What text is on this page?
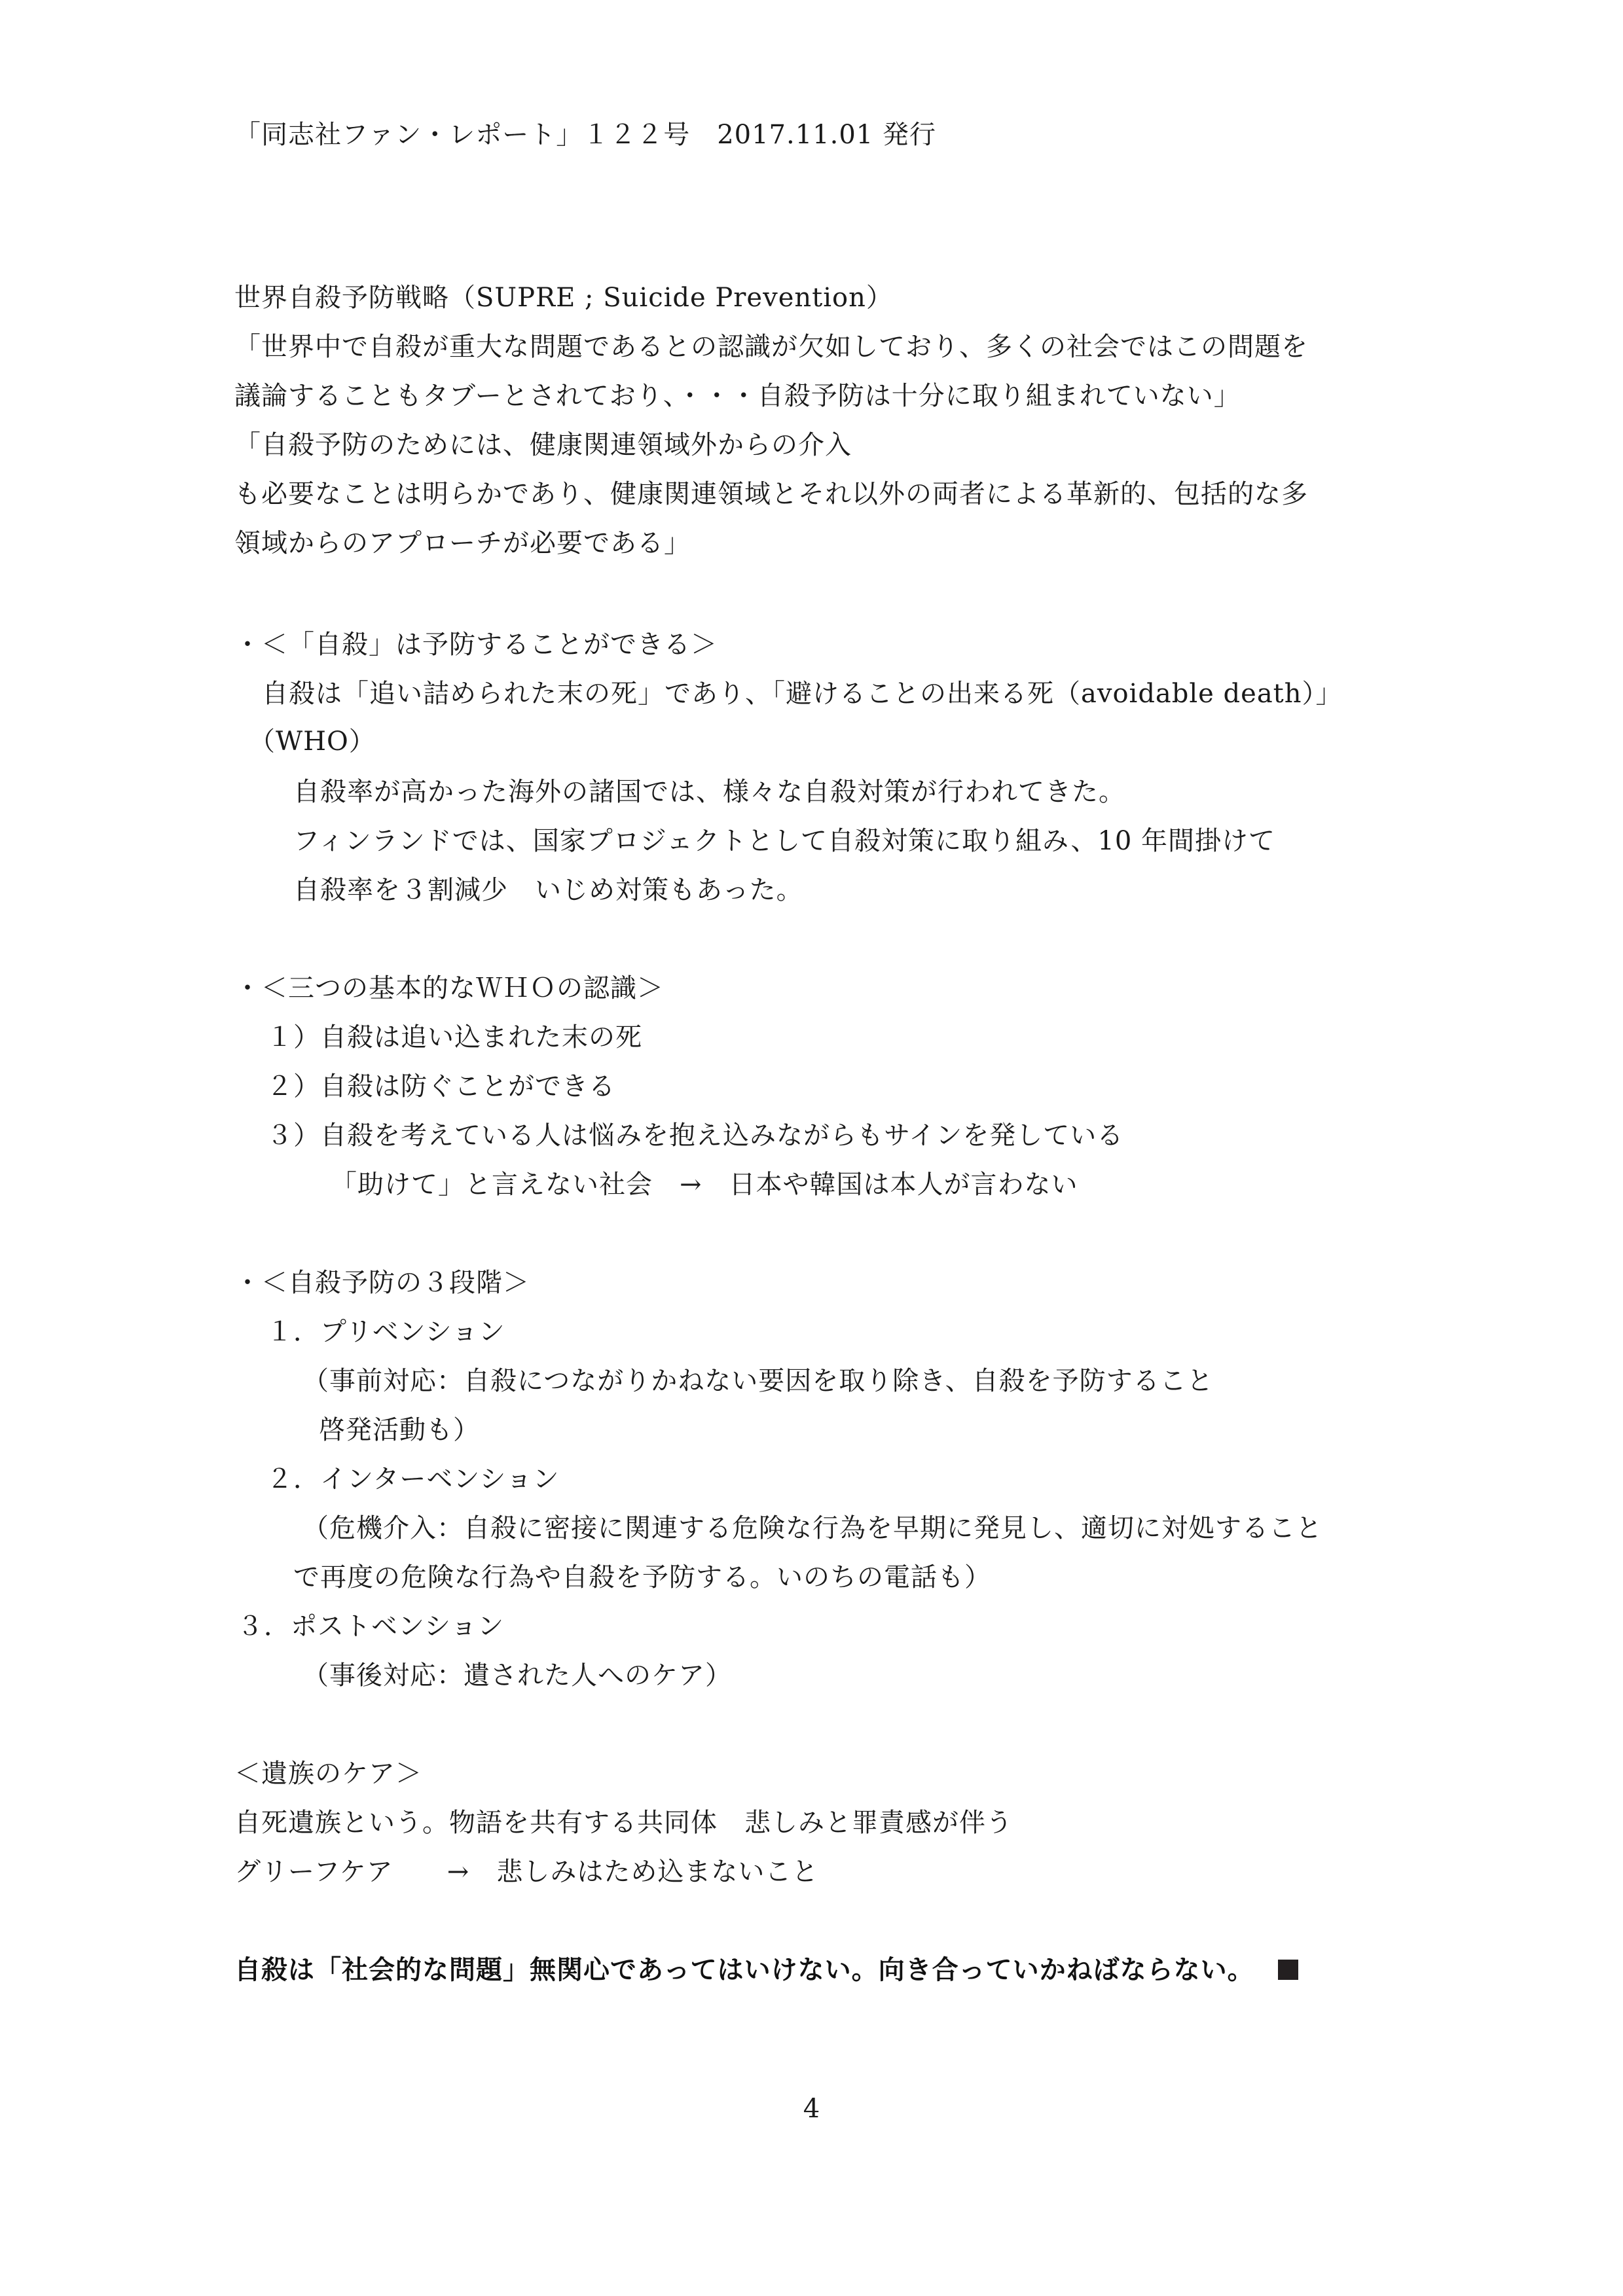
「同志社ファン・レポート」１２２号　2017.11.01 発行
世界自殺予防戦略（SUPRE ; Suicide Prevention）
「世界中で自殺が重大な問題であるとの認識が欠如しており、多くの社会ではこの問題を
議論することもタブーとされており、・・・自殺予防は十分に取り組まれていない」
「自殺予防のためには、健康関連領域外からの介入
も必要なことは明らかであり、健康関連領域とそれ以外の両者による革新的、包括的な多
領域からのアプローチが必要である」
・＜「自殺」は予防することができる＞
自殺は「追い詰められた末の死」であり、「避けることの出来る死（avoidable death）」
（WHO）
自殺率が高かった海外の諸国では、様々な自殺対策が行われてきた。
フィンランドでは、国家プロジェクトとして自殺対策に取り組み、10 年間掛けて
自殺率を３割減少　いじめ対策もあった。
・＜三つの基本的なＷＨＯの認識＞
１）自殺は追い込まれた末の死
２）自殺は防ぐことができる
３）自殺を考えている人は悩みを抱え込みながらもサインを発している
「助けて」と言えない社会　→　日本や韓国は本人が言わない
・＜自殺予防の３段階＞
１．プリベンション
（事前対応：自殺につながりかねない要因を取り除き、自殺を予防すること
啓発活動も）
２．インターベンション
（危機介入：自殺に密接に関連する危険な行為を早期に発見し、適切に対処すること
で再度の危険な行為や自殺を予防する。いのちの電話も）
３．ポストベンション
（事後対応：遺された人へのケア）
＜遺族のケア＞
自死遺族という。物語を共有する共同体　悲しみと罪責感が伴う
グリーフケア　　→　悲しみはため込まないこと
自殺は「社会的な問題」無関心であってはいけない。向き合っていかねばならない。
4
